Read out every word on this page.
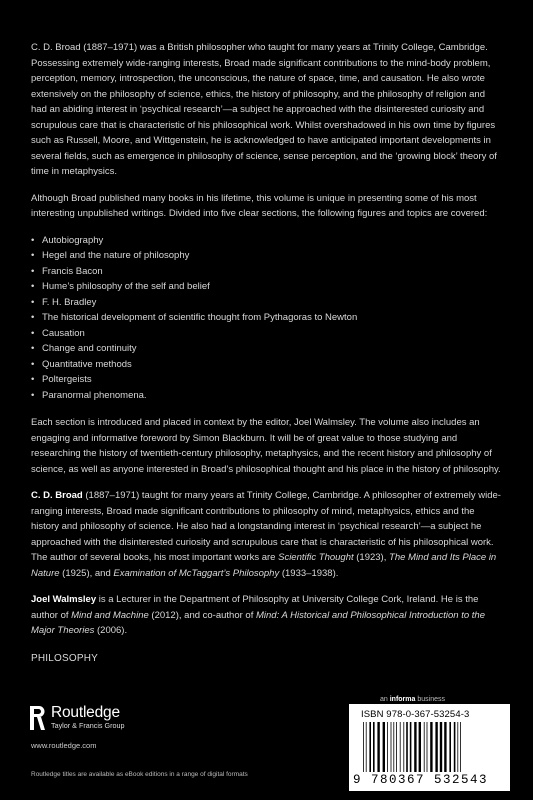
C. D. Broad (1887–1971) was a British philosopher who taught for many years at Trinity College, Cambridge. Possessing extremely wide-ranging interests, Broad made significant contributions to the mind-body problem, perception, memory, introspection, the unconscious, the nature of space, time, and causation. He also wrote extensively on the philosophy of science, ethics, the history of philosophy, and the philosophy of religion and had an abiding interest in ‘psychical research’—a subject he approached with the disinterested curiosity and scrupulous care that is characteristic of his philosophical work. Whilst overshadowed in his own time by figures such as Russell, Moore, and Wittgenstein, he is acknowledged to have anticipated important developments in several fields, such as emergence in philosophy of science, sense perception, and the ‘growing block’ theory of time in metaphysics.

Although Broad published many books in his lifetime, this volume is unique in presenting some of his most interesting unpublished writings. Divided into five clear sections, the following figures and topics are covered:

• Autobiography
• Hegel and the nature of philosophy
• Francis Bacon
• Hume’s philosophy of the self and belief
• F. H. Bradley
• The historical development of scientific thought from Pythagoras to Newton
• Causation
• Change and continuity
• Quantitative methods
• Poltergeists
• Paranormal phenomena.

Each section is introduced and placed in context by the editor, Joel Walmsley. The volume also includes an engaging and informative foreword by Simon Blackburn. It will be of great value to those studying and researching the history of twentieth-century philosophy, metaphysics, and the recent history and philosophy of science, as well as anyone interested in Broad’s philosophical thought and his place in the history of philosophy.

C. D. Broad (1887–1971) taught for many years at Trinity College, Cambridge. A philosopher of extremely wide-ranging interests, Broad made significant contributions to philosophy of mind, metaphysics, ethics and the history and philosophy of science. He also had a longstanding interest in ‘psychical research’—a subject he approached with the disinterested curiosity and scrupulous care that is characteristic of his philosophical work. The author of several books, his most important works are Scientific Thought (1923), The Mind and Its Place in Nature (1925), and Examination of McTaggart’s Philosophy (1933–1938).

Joel Walmsley is a Lecturer in the Department of Philosophy at University College Cork, Ireland. He is the author of Mind and Machine (2012), and co-author of Mind: A Historical and Philosophical Introduction to the Major Theories (2006).

PHILOSOPHY
Routledge
Taylor & Francis Group
www.routledge.com
Routledge titles are available as eBook editions in a range of digital formats
an informa business
ISBN 978-0-367-53254-3
9 780367 532543
